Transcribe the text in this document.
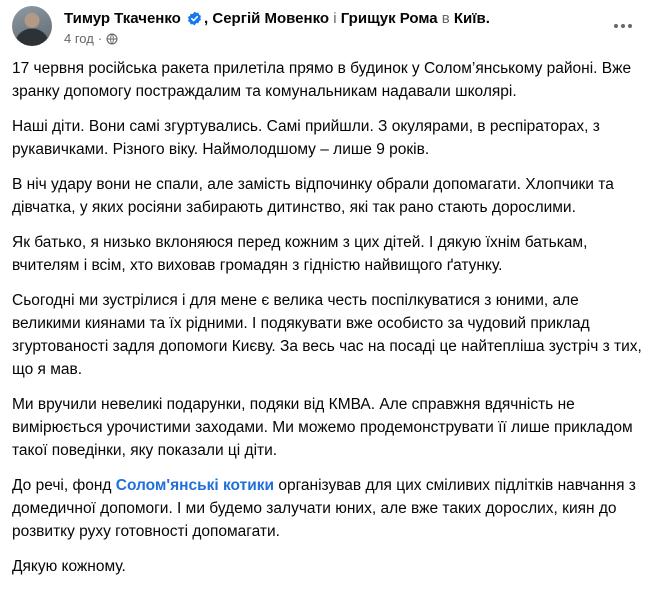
Тимур Ткаченко , Сергій Мовенко і Грищук Рома в Київ.
4 год ·

17 червня російська ракета прилетіла прямо в будинок у Солом’янському районі. Вже зранку допомогу постраждалим та комунальникам надавали школярі.

Наші діти. Вони самі згуртувались. Самі прийшли. З окулярами, в респіраторах, з рукавичками. Різного віку. Наймолодшому – лише 9 років.

В ніч удару вони не спали, але замість відпочинку обрали допомагати. Хлопчики та дівчатка, у яких росіяни забирають дитинство, які так рано стають дорослими.

Як батько, я низько вклоняюся перед кожним з цих дітей. І дякую їхнім батькам, вчителям і всім, хто виховав громадян з гідністю найвищого ґатунку.

Сьогодні ми зустрілися і для мене є велика честь поспілкуватися з юними, але великими киянами та їх рідними. І подякувати вже особисто за чудовий приклад згуртованості задля допомоги Києву. За весь час на посаді це найтепліша зустріч з тих, що я мав.

Ми вручили невеликі подарунки, подяки від КМВА. Але справжня вдячність не вимірюється урочистими заходами. Ми можемо продемонструвати її лише прикладом такої поведінки, яку показали ці діти.

До речі, фонд Солом'янські котики організував для цих сміливих підлітків навчання з домедичної допомоги. І ми будемо залучати юних, але вже таких дорослих, киян до розвитку руху готовності допомагати.

Дякую кожному.
